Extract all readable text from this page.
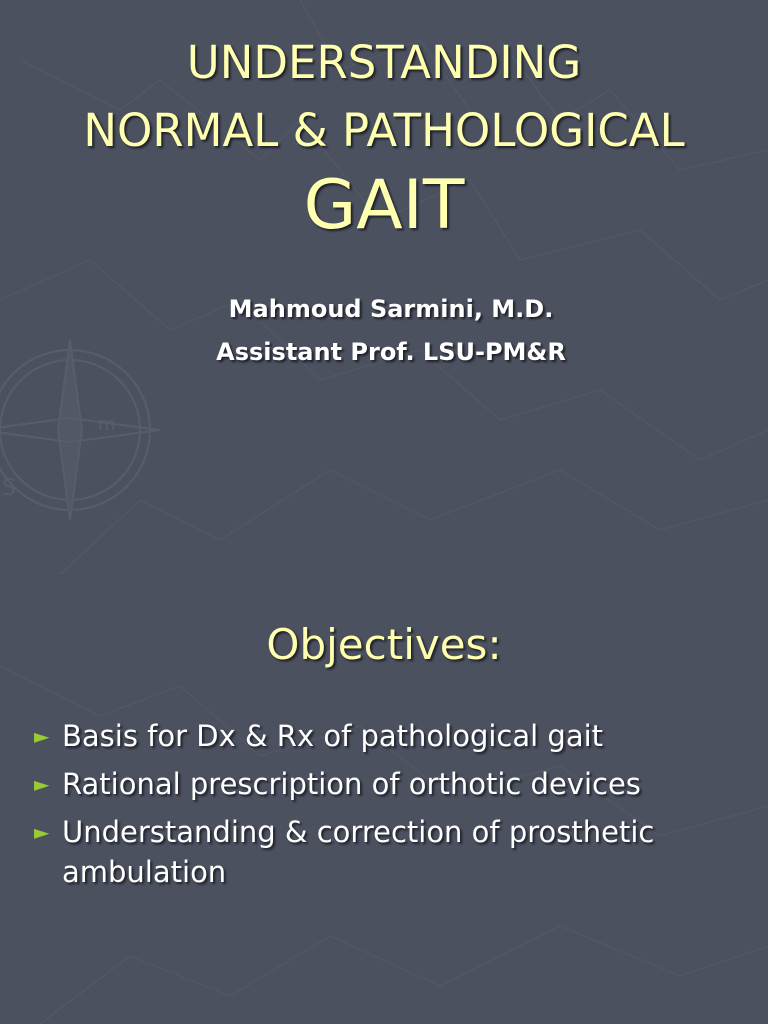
S
m
UNDERSTANDING
NORMAL & PATHOLOGICAL
GAIT
Mahmoud Sarmini, M.D.
Assistant Prof. LSU-PM&R
Objectives:
► Basis for Dx & Rx of pathological gait
► Rational prescription of orthotic devices
► Understanding & correction of prosthetic ambulation
